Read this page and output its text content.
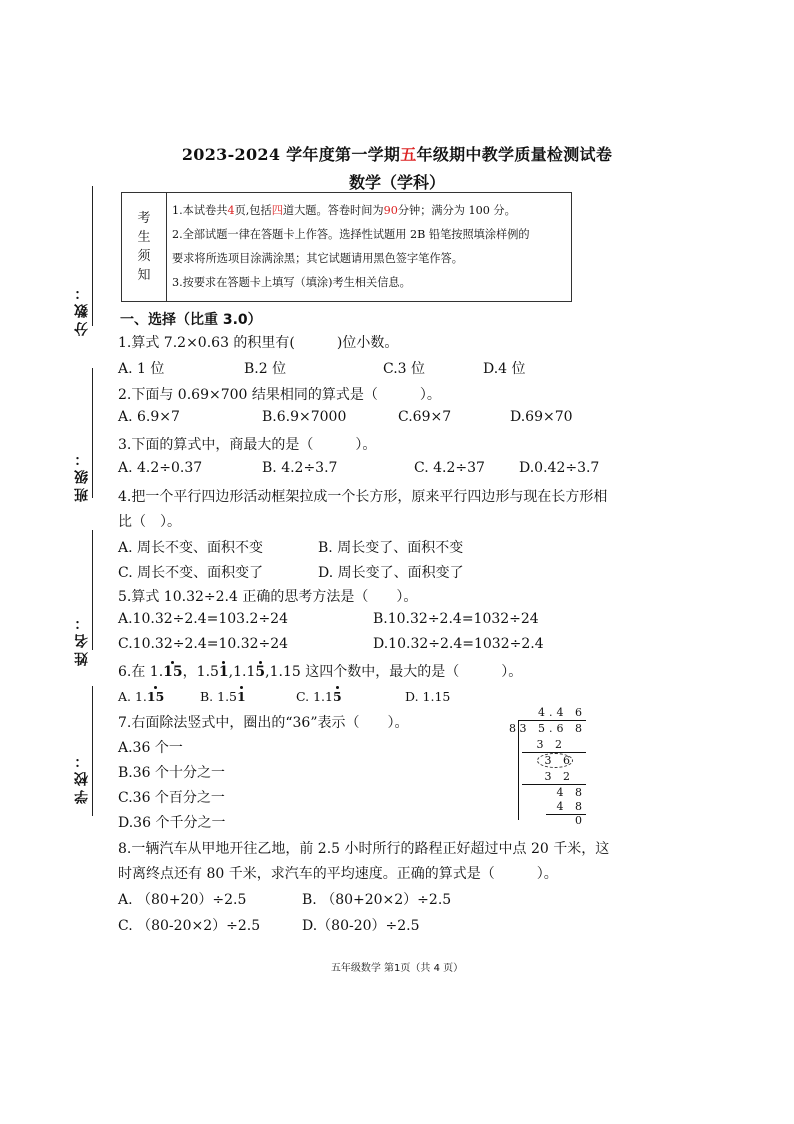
2023-2024 学年度第一学期五年级期中教学质量检测试卷
数学（学科）
分数：
班级：
姓名：
学校：
考
生
须
知
1.本试卷共4页,包括四道大题。答卷时间为90分钟；满分为 100 分。
2.全部试题一律在答题卡上作答。选择性试题用 2B 铅笔按照填涂样例的
要求将所选项目涂满涂黑；其它试题请用黑色签字笔作答。
3.按要求在答题卡上填写（填涂)考生相关信息。
一、选择（比重 3.0）
1.算式 7.2×0.63 的积里有(　　　)位小数。
A. 1 位	B.2 位	C.3 位	D.4 位
2.下面与 0.69×700 结果相同的算式是（　　　）。
A. 6.9×7	B.6.9×7000	C.69×7	D.69×70
3.下面的算式中，商最大的是（　　　）。
A. 4.2÷0.37	B. 4.2÷3.7	C. 4.2÷37 D.0.42÷3.7
4.把一个平行四边形活动框架拉成一个长方形，原来平行四边形与现在长方形相
比（　）。
A. 周长不变、面积不变	B. 周长变了、面积不变
C. 周长不变、面积变了	D. 周长变了、面积变了
5.算式 10.32÷2.4 正确的思考方法是（　　）。
A.10.32÷2.4=103.2÷24	B.10.32÷2.4=1032÷24
C.10.32÷2.4=10.32÷24	D.10.32÷2.4=1032÷2.4
6.在 1.15，1.51,1.15,1.15 这四个数中，最大的是（　　　）。
A. 1.15	B. 1.51	C. 1.15	D. 1.15
7.右面除法竖式中，圈出的“36”表示（　　）。
A.36 个一
B.36 个十分之一
C.36 个百分之一
D.36 个千分之一
4.4 6
8 3 5.6 8
3 2
3 6
3 2
4 8
4 8
0
8.一辆汽车从甲地开往乙地，前 2.5 小时所行的路程正好超过中点 20 千米，这
时离终点还有 80 千米，求汽车的平均速度。正确的算式是（　　　）。
A. （80+20）÷2.5	B. （80+20×2）÷2.5
C. （80-20×2）÷2.5	D.（80-20）÷2.5
五年级数学 第1页（共 4 页）
